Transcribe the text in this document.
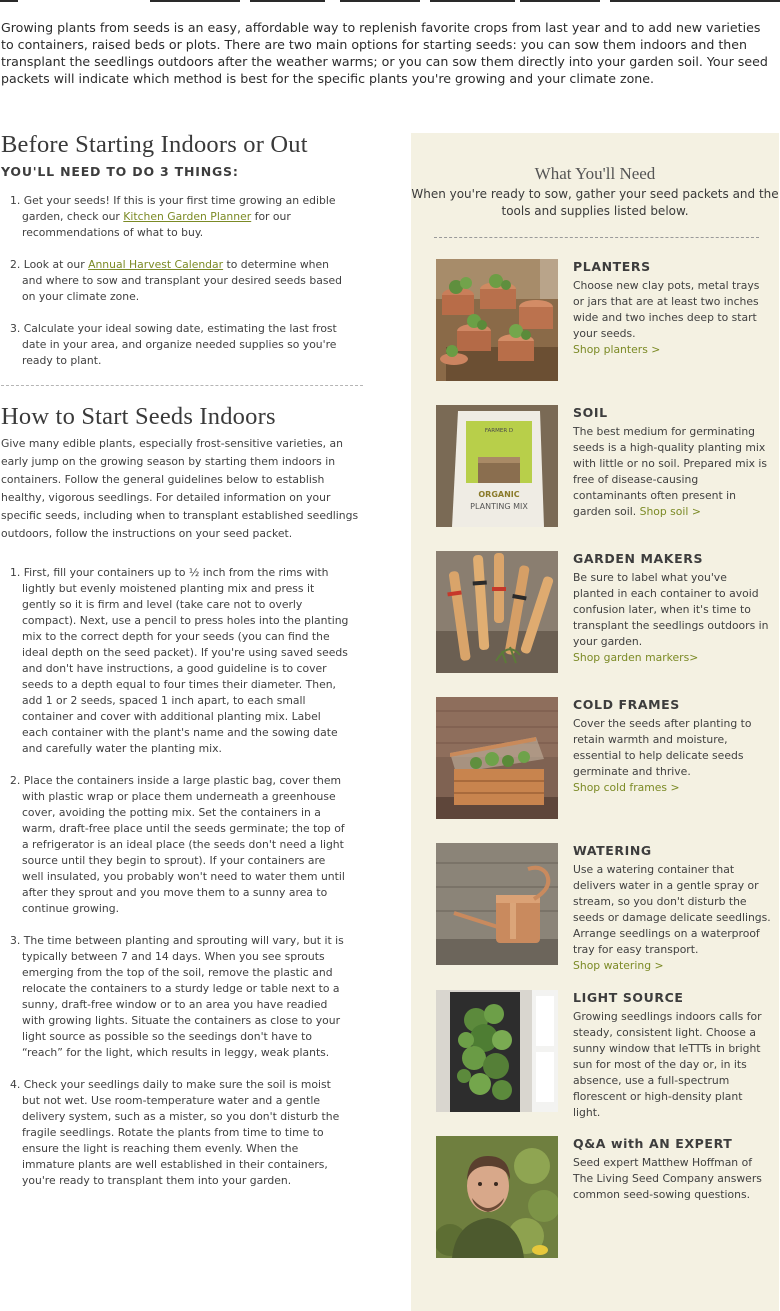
Growing plants from seeds is an easy, affordable way to replenish favorite crops from last year and to add new varieties to containers, raised beds or plots. There are two main options for starting seeds: you can sow them indoors and then transplant the seedlings outdoors after the weather warms; or you can sow them directly into your garden soil. Your seed packets will indicate which method is best for the specific plants you're growing and your climate zone.

Before Starting Indoors or Out
YOU'LL NEED TO DO 3 THINGS:
1. Get your seeds! If this is your first time growing an edible garden, check our Kitchen Garden Planner for our recommendations of what to buy.
2. Look at our Annual Harvest Calendar to determine when and where to sow and transplant your desired seeds based on your climate zone.
3. Calculate your ideal sowing date, estimating the last frost date in your area, and organize needed supplies so you're ready to plant.
How to Start Seeds Indoors

Give many edible plants, especially frost-sensitive varieties, an early jump on the growing season by starting them indoors in containers. Follow the general guidelines below to establish healthy, vigorous seedlings. For detailed information on your specific seeds, including when to transplant established seedlings outdoors, follow the instructions on your seed packet.

1. First, fill your containers up to ½ inch from the rims with lightly but evenly moistened planting mix and press it gently so it is firm and level (take care not to overly compact). Next, use a pencil to press holes into the planting mix to the correct depth for your seeds (you can find the ideal depth on the seed packet). If you're using saved seeds and don't have instructions, a good guideline is to cover seeds to a depth equal to four times their diameter. Then, add 1 or 2 seeds, spaced 1 inch apart, to each small container and cover with additional planting mix. Label each container with the plant's name and the sowing date and carefully water the planting mix.
2. Place the containers inside a large plastic bag, cover them with plastic wrap or place them underneath a greenhouse cover, avoiding the potting mix. Set the containers in a warm, draft-free place until the seeds germinate; the top of a refrigerator is an ideal place (the seeds don't need a light source until they begin to sprout). If your containers are well insulated, you probably won't need to water them until after they sprout and you move them to a sunny area to continue growing.
3. The time between planting and sprouting will vary, but it is typically between 7 and 14 days. When you see sprouts emerging from the top of the soil, remove the plastic and relocate the containers to a sturdy ledge or table next to a sunny, draft-free window or to an area you have readied with growing lights. Situate the containers as close to your light source as possible so the seedings don't have to “reach” for the light, which results in leggy, weak plants.
4. Check your seedlings daily to make sure the soil is moist but not wet. Use room-temperature water and a gentle delivery system, such as a mister, so you don't disturb the fragile seedlings. Rotate the plants from time to time to ensure the light is reaching them evenly. When the immature plants are well established in their containers, you're ready to transplant them into your garden.
What You'll Need
When you're ready to sow, gather your seed packets and the tools and supplies listed below.
PLANTERS
Choose new clay pots, metal trays or jars that are at least two inches wide and two inches deep to start your seeds.
Shop planters >
FARMER D
ORGANIC
PLANTING MIX
SOIL
The best medium for germinating seeds is a high-quality planting mix with little or no soil. Prepared mix is free of disease-causing contaminants often present in garden soil. Shop soil >
GARDEN MAKERS
Be sure to label what you've planted in each container to avoid confusion later, when it's time to transplant the seedlings outdoors in your garden.
Shop garden markers>
COLD FRAMES
Cover the seeds after planting to retain warmth and moisture, essential to help delicate seeds germinate and thrive.
Shop cold frames >
WATERING
Use a watering container that delivers water in a gentle spray or stream, so you don't disturb the seeds or damage delicate seedlings. Arrange seedlings on a waterproof tray for easy transport.
Shop watering >
LIGHT SOURCE
Growing seedlings indoors calls for steady, consistent light. Choose a sunny window that leTTTs in bright sun for most of the day or, in its absence, use a full-spectrum florescent or high-density plant light.
Q&A with AN EXPERT
Seed expert Matthew Hoffman of The Living Seed Company answers common seed-sowing questions.
